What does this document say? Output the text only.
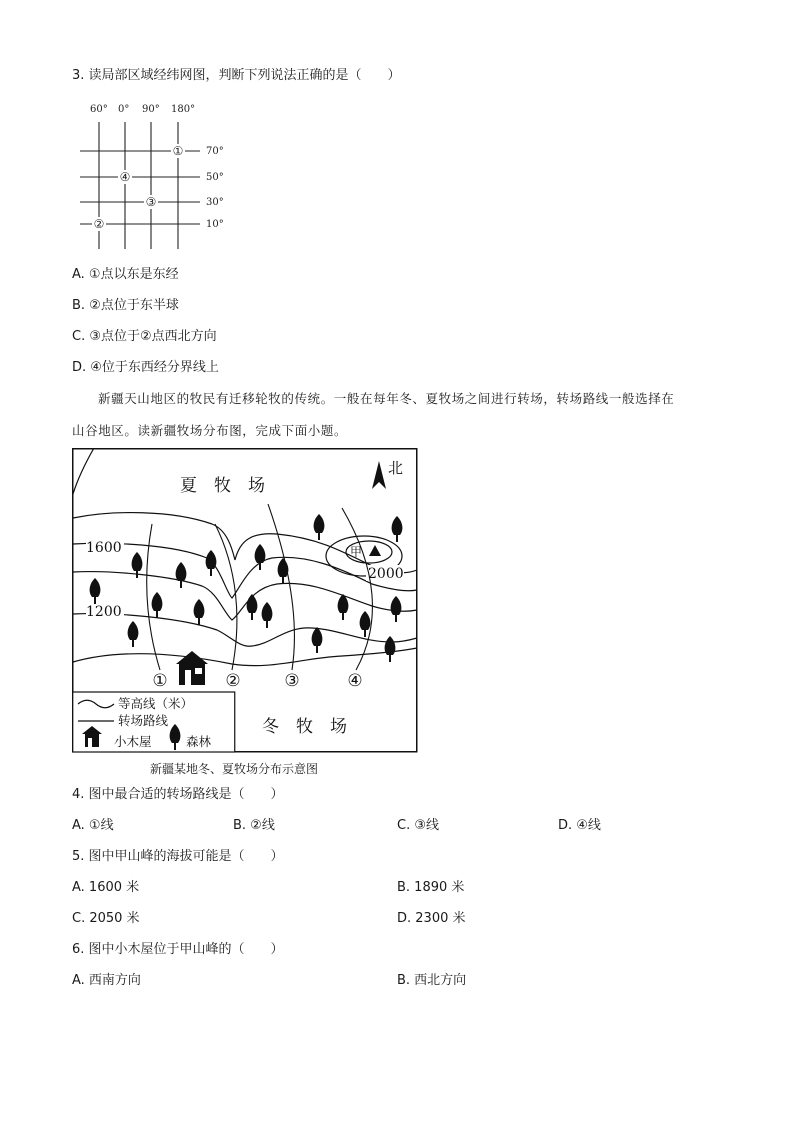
3. 读局部区域经纬网图，判断下列说法正确的是（　　）
60° 0° 90° 180°
70°
50°
30°
10°
①
②
③
④
A. ①点以东是东经
B. ②点位于东半球
C. ③点位于②点西北方向
D. ④位于东西经分界线上
新疆天山地区的牧民有迁移轮牧的传统。一般在每年冬、夏牧场之间进行转场，转场路线一般选择在
山谷地区。读新疆牧场分布图，完成下面小题。
夏　牧　场
北
1600
1200
2000
甲
①	②	③	④
冬　牧　场
等高线（米）
转场路线
小木屋	森林
新疆某地冬、夏牧场分布示意图
4. 图中最合适的转场路线是（　　）
A. ①线	B. ②线	C. ③线	D. ④线
5. 图中甲山峰的海拔可能是（　　）
A. 1600 米	B. 1890 米
C. 2050 米	D. 2300 米
6. 图中小木屋位于甲山峰的（　　）
A. 西南方向	B. 西北方向
